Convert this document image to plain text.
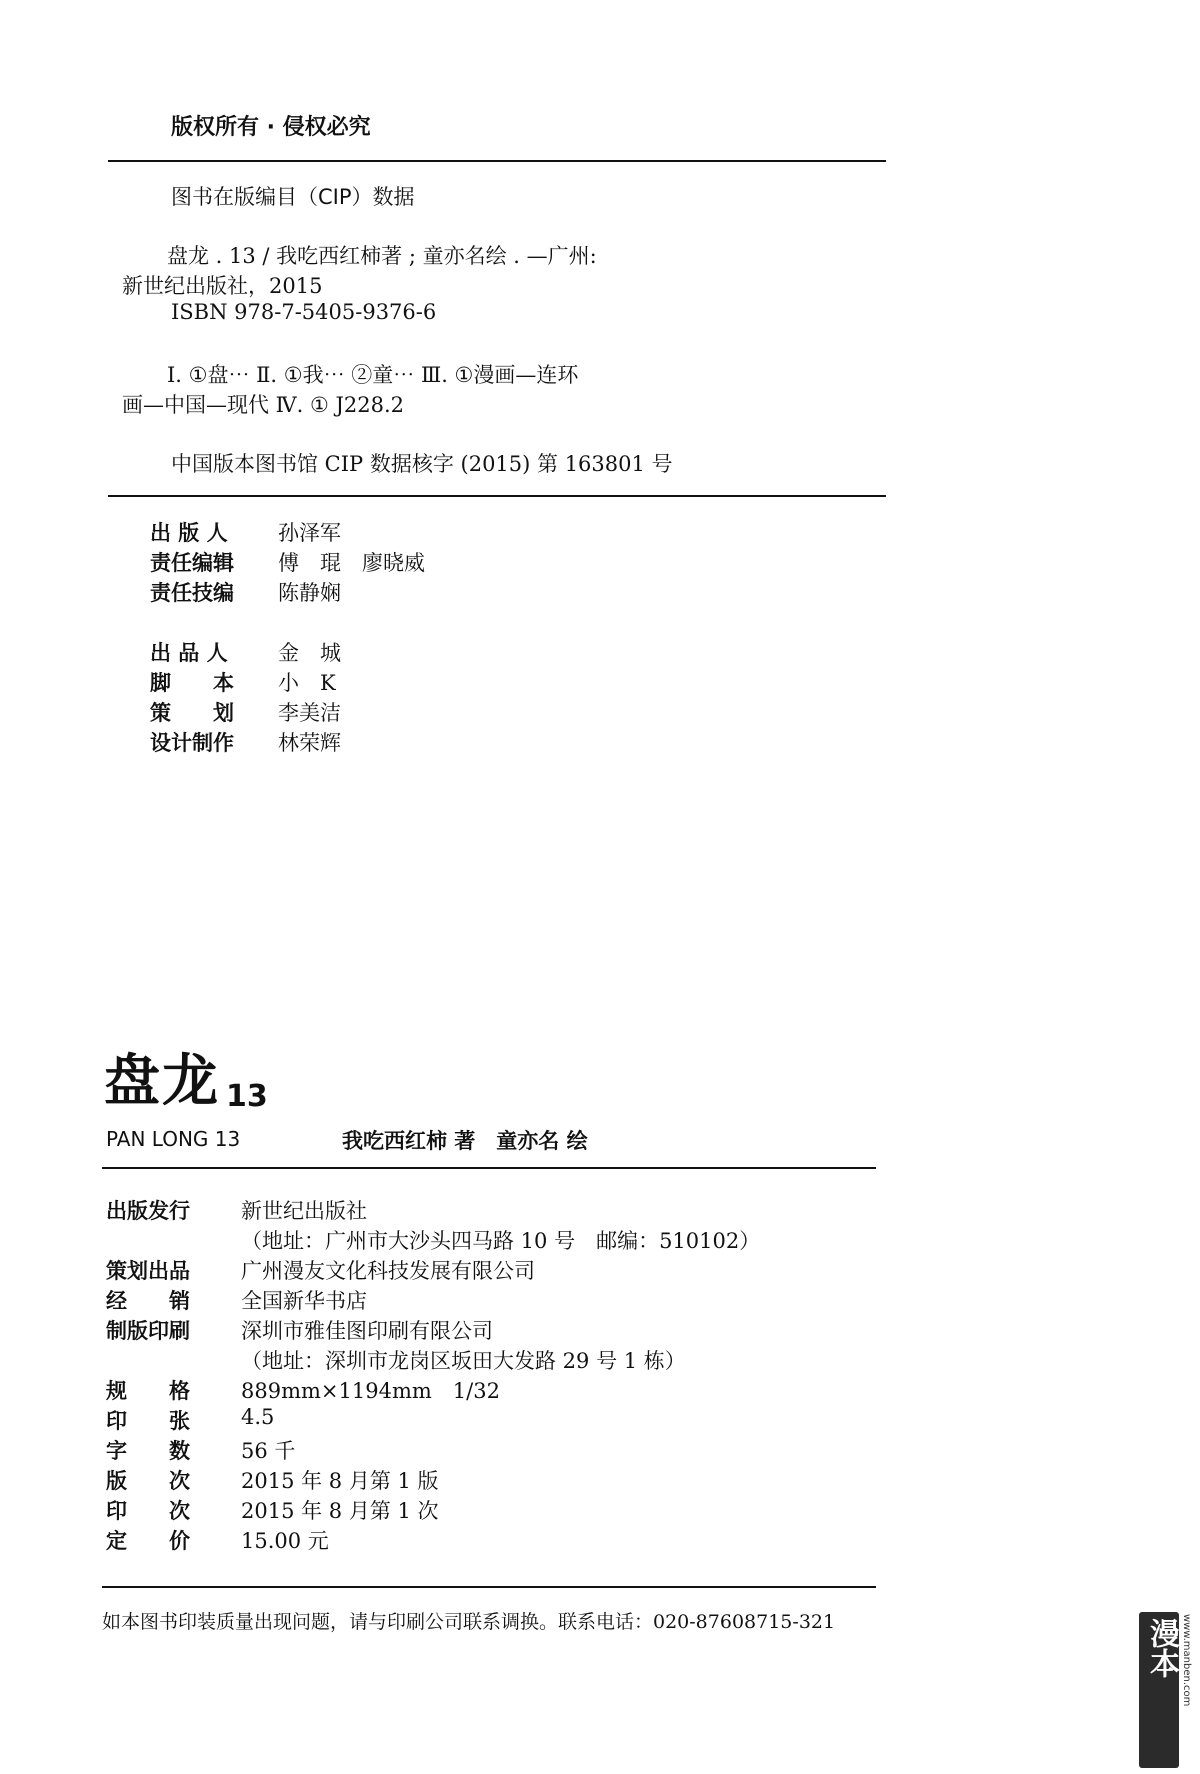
版权所有 · 侵权必究
图书在版编目（CIP）数据
盘龙 . 13 / 我吃西红柿著 ; 童亦名绘 . —广州:
新世纪出版社，2015
ISBN 978-7-5405-9376-6
Ⅰ. ①盘⋯ Ⅱ. ①我⋯ ②童⋯ Ⅲ. ①漫画—连环
画—中国—现代 Ⅳ. ① J228.2
中国版本图书馆 CIP 数据核字 (2015) 第 163801 号
出 版 人 孙泽军
责任编辑 傅　琨　廖晓威
责任技编 陈静娴
出 品 人 金　城
脚　　本 小　K
策　　划 李美洁
设计制作 林荣辉
盘龙 13
PAN LONG 13	我吃西红柿 著　童亦名 绘
出版发行 新世纪出版社
（地址：广州市大沙头四马路 10 号　邮编：510102）
策划出品 广州漫友文化科技发展有限公司
经　　销 全国新华书店
制版印刷 深圳市雅佳图印刷有限公司
（地址：深圳市龙岗区坂田大发路 29 号 1 栋）
规　　格 889mm×1194mm　1/32
印　　张 4.5
字　　数 56 千
版　　次 2015 年 8 月第 1 版
印　　次 2015 年 8 月第 1 次
定　　价 15.00 元
如本图书印装质量出现问题，请与印刷公司联系调换。联系电话：020-87608715-321	漫本 www.manben.com
